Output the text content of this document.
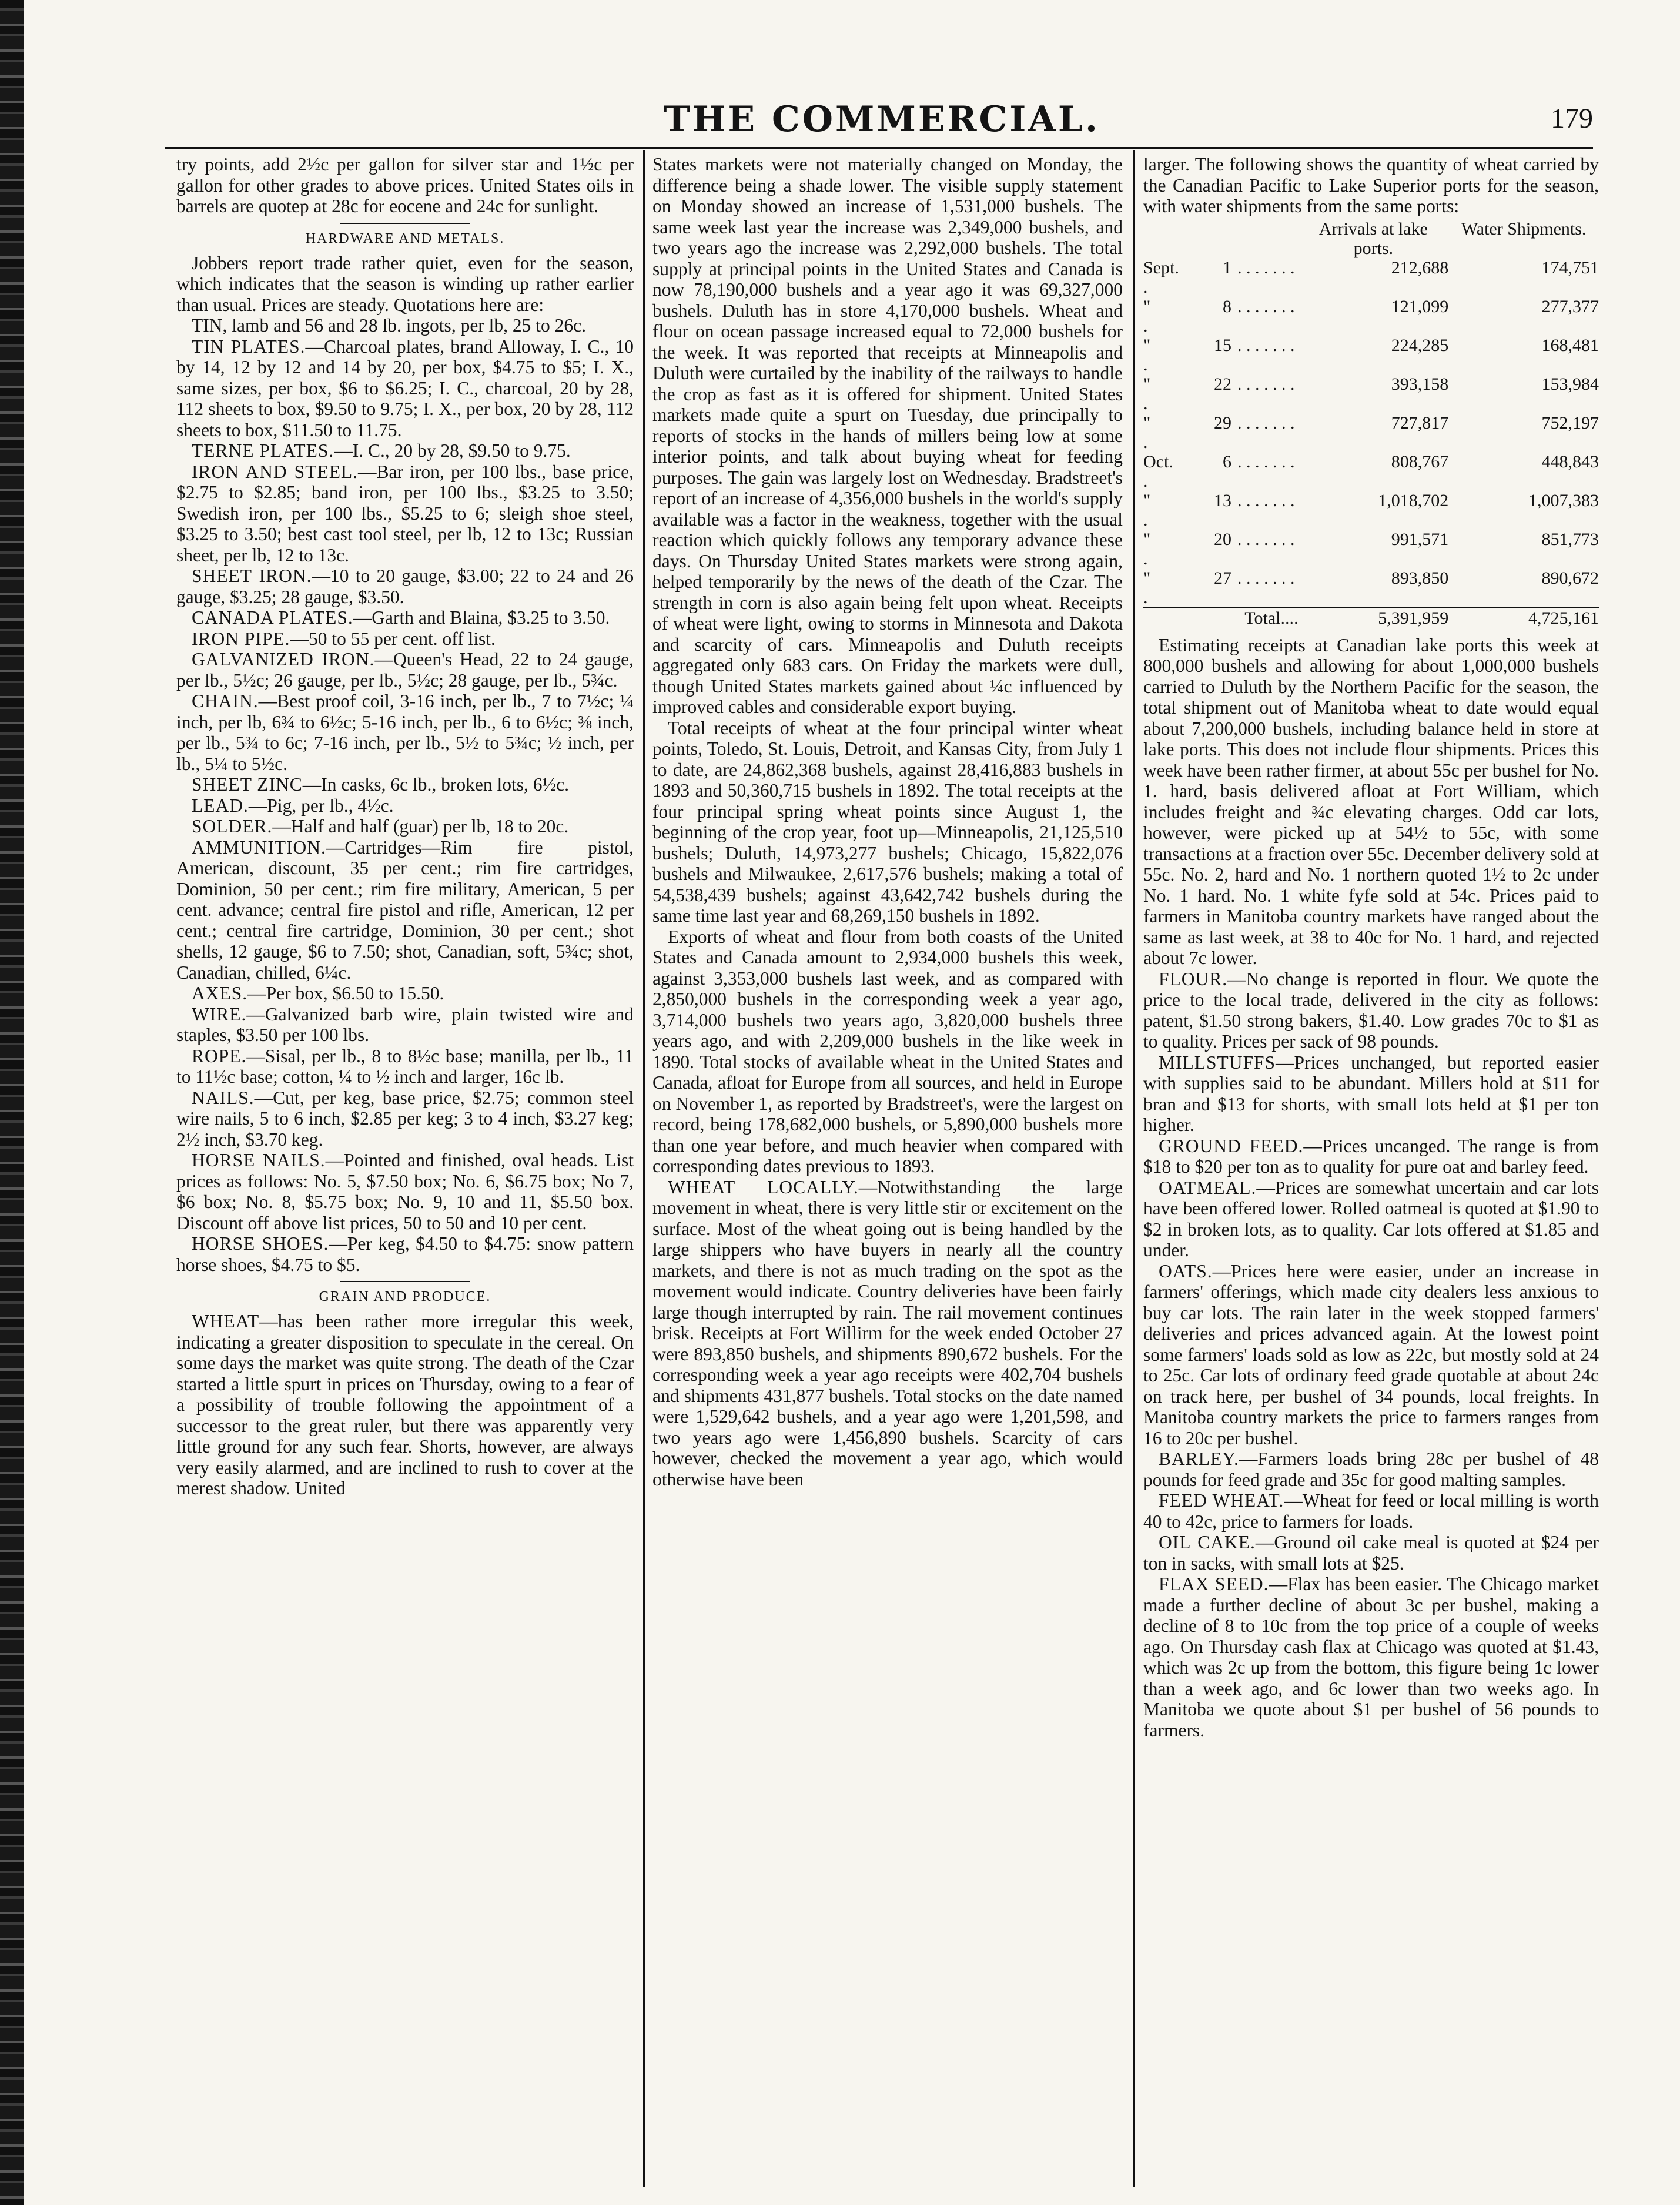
THE COMMERCIAL.	179

try points, add 2½c per gallon for silver star and 1½c per gallon for other grades to above prices. United States oils in barrels are quotep at 28c for eocene and 24c for sunlight.

HARDWARE AND METALS.

Jobbers report trade rather quiet, even for the season, which indicates that the season is winding up rather earlier than usual. Prices are steady. Quotations here are:

TIN, lamb and 56 and 28 lb. ingots, per lb, 25 to 26c.

TIN PLATES.—Charcoal plates, brand Alloway, I. C., 10 by 14, 12 by 12 and 14 by 20, per box, $4.75 to $5; I. X., same sizes, per box, $6 to $6.25; I. C., charcoal, 20 by 28, 112 sheets to box, $9.50 to 9.75; I. X., per box, 20 by 28, 112 sheets to box, $11.50 to 11.75.

TERNE PLATES.—I. C., 20 by 28, $9.50 to 9.75.

IRON AND STEEL.—Bar iron, per 100 lbs., base price, $2.75 to $2.85; band iron, per 100 lbs., $3.25 to 3.50; Swedish iron, per 100 lbs., $5.25 to 6; sleigh shoe steel, $3.25 to 3.50; best cast tool steel, per lb, 12 to 13c; Russian sheet, per lb, 12 to 13c.

SHEET IRON.—10 to 20 gauge, $3.00; 22 to 24 and 26 gauge, $3.25; 28 gauge, $3.50.

CANADA PLATES.—Garth and Blaina, $3.25 to 3.50.

IRON PIPE.—50 to 55 per cent. off list.

GALVANIZED IRON.—Queen's Head, 22 to 24 gauge, per lb., 5½c; 26 gauge, per lb., 5½c; 28 gauge, per lb., 5¾c.

CHAIN.—Best proof coil, 3-16 inch, per lb., 7 to 7½c; ¼ inch, per lb, 6¾ to 6½c; 5-16 inch, per lb., 6 to 6½c; ⅜ inch, per lb., 5¾ to 6c; 7-16 inch, per lb., 5½ to 5¾c; ½ inch, per lb., 5¼ to 5½c.

SHEET ZINC—In casks, 6c lb., broken lots, 6½c.

LEAD.—Pig, per lb., 4½c.

SOLDER.—Half and half (guar) per lb, 18 to 20c.

AMMUNITION.—Cartridges—Rim fire pistol, American, discount, 35 per cent.; rim fire cartridges, Dominion, 50 per cent.; rim fire military, American, 5 per cent. advance; central fire pistol and rifle, American, 12 per cent.; central fire cartridge, Dominion, 30 per cent.; shot shells, 12 gauge, $6 to 7.50; shot, Canadian, soft, 5¾c; shot, Canadian, chilled, 6¼c.

AXES.—Per box, $6.50 to 15.50.

WIRE.—Galvanized barb wire, plain twisted wire and staples, $3.50 per 100 lbs.

ROPE.—Sisal, per lb., 8 to 8½c base; manilla, per lb., 11 to 11½c base; cotton, ¼ to ½ inch and larger, 16c lb.

NAILS.—Cut, per keg, base price, $2.75; common steel wire nails, 5 to 6 inch, $2.85 per keg; 3 to 4 inch, $3.27 keg; 2½ inch, $3.70 keg.

HORSE NAILS.—Pointed and finished, oval heads. List prices as follows: No. 5, $7.50 box; No. 6, $6.75 box; No 7, $6 box; No. 8, $5.75 box; No. 9, 10 and 11, $5.50 box. Discount off above list prices, 50 to 50 and 10 per cent.

HORSE SHOES.—Per keg, $4.50 to $4.75: snow pattern horse shoes, $4.75 to $5.

GRAIN AND PRODUCE.

WHEAT—has been rather more irregular this week, indicating a greater disposition to speculate in the cereal. On some days the market was quite strong. The death of the Czar started a little spurt in prices on Thursday, owing to a fear of a possibility of trouble following the appointment of a successor to the great ruler, but there was apparently very little ground for any such fear. Shorts, however, are always very easily alarmed, and are inclined to rush to cover at the merest shadow. United

States markets were not materially changed on Monday, the difference being a shade lower. The visible supply statement on Monday showed an increase of 1,531,000 bushels. The same week last year the increase was 2,349,000 bushels, and two years ago the increase was 2,292,000 bushels. The total supply at principal points in the United States and Canada is now 78,190,000 bushels and a year ago it was 69,327,000 bushels. Duluth has in store 4,170,000 bushels. Wheat and flour on ocean passage increased equal to 72,000 bushels for the week. It was reported that receipts at Minneapolis and Duluth were curtailed by the inability of the railways to handle the crop as fast as it is offered for shipment. United States markets made quite a spurt on Tuesday, due principally to reports of stocks in the hands of millers being low at some interior points, and talk about buying wheat for feeding purposes. The gain was largely lost on Wednesday. Bradstreet's report of an increase of 4,356,000 bushels in the world's supply available was a factor in the weakness, together with the usual reaction which quickly follows any temporary advance these days. On Thursday United States markets were strong again, helped temporarily by the news of the death of the Czar. The strength in corn is also again being felt upon wheat. Receipts of wheat were light, owing to storms in Minnesota and Dakota and scarcity of cars. Minneapolis and Duluth receipts aggregated only 683 cars. On Friday the markets were dull, though United States markets gained about ¼c influenced by improved cables and considerable export buying.

Total receipts of wheat at the four principal winter wheat points, Toledo, St. Louis, Detroit, and Kansas City, from July 1 to date, are 24,862,368 bushels, against 28,416,883 bushels in 1893 and 50,360,715 bushels in 1892. The total receipts at the four principal spring wheat points since August 1, the beginning of the crop year, foot up—Minneapolis, 21,125,510 bushels; Duluth, 14,973,277 bushels; Chicago, 15,822,076 bushels and Milwaukee, 2,617,576 bushels; making a total of 54,538,439 bushels; against 43,642,742 bushels during the same time last year and 68,269,150 bushels in 1892.

Exports of wheat and flour from both coasts of the United States and Canada amount to 2,934,000 bushels this week, against 3,353,000 bushels last week, and as compared with 2,850,000 bushels in the corresponding week a year ago, 3,714,000 bushels two years ago, 3,820,000 bushels three years ago, and with 2,209,000 bushels in the like week in 1890. Total stocks of available wheat in the United States and Canada, afloat for Europe from all sources, and held in Europe on November 1, as reported by Bradstreet's, were the largest on record, being 178,682,000 bushels, or 5,890,000 bushels more than one year before, and much heavier when compared with corresponding dates previous to 1893.

WHEAT LOCALLY.—Notwithstanding the large movement in wheat, there is very little stir or excitement on the surface. Most of the wheat going out is being handled by the large shippers who have buyers in nearly all the country markets, and there is not as much trading on the spot as the movement would indicate. Country deliveries have been fairly large though interrupted by rain. The rail movement continues brisk. Receipts at Fort Willirm for the week ended October 27 were 893,850 bushels, and shipments 890,672 bushels. For the corresponding week a year ago receipts were 402,704 bushels and shipments 431,877 bushels. Total stocks on the date named were 1,529,642 bushels, and a year ago were 1,201,598, and two years ago were 1,456,890 bushels. Scarcity of cars however, checked the movement a year ago, which would otherwise have been

larger. The following shows the quantity of wheat carried by the Canadian Pacific to Lake Superior ports for the season, with water shipments from the same ports:

	Arrivals at lake ports.	Water Shipments.
Sept. 1 . . . . . . . .	212,688	174,751
" 8 . . . . . . . .	121,099	277,377
" 15 . . . . . . . .	224,285	168,481
" 22 . . . . . . . .	393,158	153,984
" 29 . . . . . . . .	727,817	752,197
Oct. 6 . . . . . . . .	808,767	448,843
" 13 . . . . . . . .	1,018,702	1,007,383
" 20 . . . . . . . .	991,571	851,773
" 27 . . . . . . . .	893,850	890,672
Total....	5,391,959	4,725,161

Estimating receipts at Canadian lake ports this week at 800,000 bushels and allowing for about 1,000,000 bushels carried to Duluth by the Northern Pacific for the season, the total shipment out of Manitoba wheat to date would equal about 7,200,000 bushels, including balance held in store at lake ports. This does not include flour shipments. Prices this week have been rather firmer, at about 55c per bushel for No. 1. hard, basis delivered afloat at Fort William, which includes freight and ¾c elevating charges. Odd car lots, however, were picked up at 54½ to 55c, with some transactions at a fraction over 55c. December delivery sold at 55c. No. 2, hard and No. 1 northern quoted 1½ to 2c under No. 1 hard. No. 1 white fyfe sold at 54c. Prices paid to farmers in Manitoba country markets have ranged about the same as last week, at 38 to 40c for No. 1 hard, and rejected about 7c lower.

FLOUR.—No change is reported in flour. We quote the price to the local trade, delivered in the city as follows: patent, $1.50 strong bakers, $1.40. Low grades 70c to $1 as to quality. Prices per sack of 98 pounds.

MILLSTUFFS—Prices unchanged, but reported easier with supplies said to be abundant. Millers hold at $11 for bran and $13 for shorts, with small lots held at $1 per ton higher.

GROUND FEED.—Prices uncanged. The range is from $18 to $20 per ton as to quality for pure oat and barley feed.

OATMEAL.—Prices are somewhat uncertain and car lots have been offered lower. Rolled oatmeal is quoted at $1.90 to $2 in broken lots, as to quality. Car lots offered at $1.85 and under.

OATS.—Prices here were easier, under an increase in farmers' offerings, which made city dealers less anxious to buy car lots. The rain later in the week stopped farmers' deliveries and prices advanced again. At the lowest point some farmers' loads sold as low as 22c, but mostly sold at 24 to 25c. Car lots of ordinary feed grade quotable at about 24c on track here, per bushel of 34 pounds, local freights. In Manitoba country markets the price to farmers ranges from 16 to 20c per bushel.

BARLEY.—Farmers loads bring 28c per bushel of 48 pounds for feed grade and 35c for good malting samples.

FEED WHEAT.—Wheat for feed or local milling is worth 40 to 42c, price to farmers for loads.

OIL CAKE.—Ground oil cake meal is quoted at $24 per ton in sacks, with small lots at $25.

FLAX SEED.—Flax has been easier. The Chicago market made a further decline of about 3c per bushel, making a decline of 8 to 10c from the top price of a couple of weeks ago. On Thursday cash flax at Chicago was quoted at $1.43, which was 2c up from the bottom, this figure being 1c lower than a week ago, and 6c lower than two weeks ago. In Manitoba we quote about $1 per bushel of 56 pounds to farmers.
